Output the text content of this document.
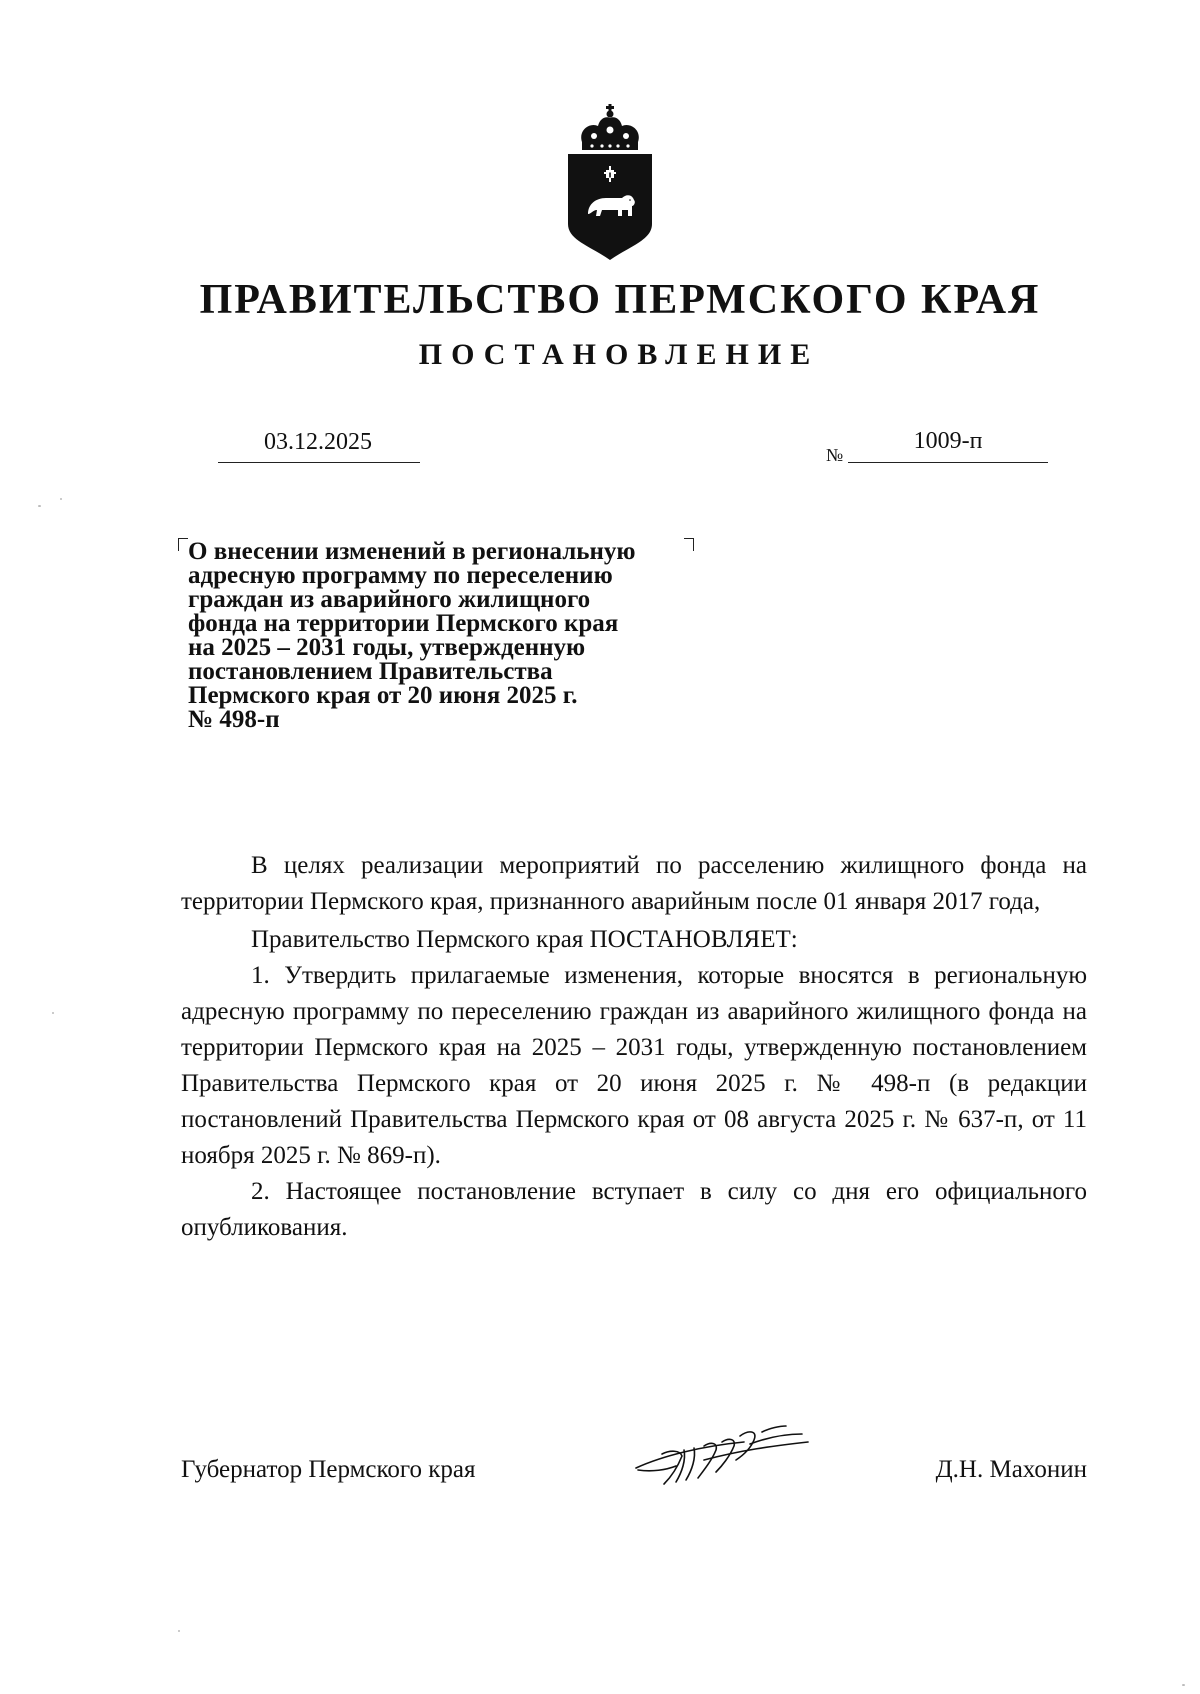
ПРАВИТЕЛЬСТВО ПЕРМСКОГО КРАЯ
ПОСТАНОВЛЕНИЕ
03.12.2025	№
1009-п
О внесении изменений в региональную
адресную программу по переселению
граждан из аварийного жилищного
фонда на территории Пермского края
на 2025 – 2031 годы, утвержденную
постановлением Правительства
Пермского края от 20 июня 2025 г.
№ 498-п

В целях реализации мероприятий по расселению жилищного фонда на территории Пермского края, признанного аварийным после 01 января 2017 года,

Правительство Пермского края ПОСТАНОВЛЯЕТ:

1. Утвердить прилагаемые изменения, которые вносятся в региональную адресную программу по переселению граждан из аварийного жилищного фонда на территории Пермского края на 2025 – 2031 годы, утвержденную постановлением Правительства Пермского края от 20 июня 2025 г. № 498-п (в редакции постановлений Правительства Пермского края от 08 августа 2025 г. № 637-п, от 11 ноября 2025 г. № 869-п).

2. Настоящее постановление вступает в силу со дня его официального опубликования.

Губернатор Пермского края	Д.Н. Махонин
